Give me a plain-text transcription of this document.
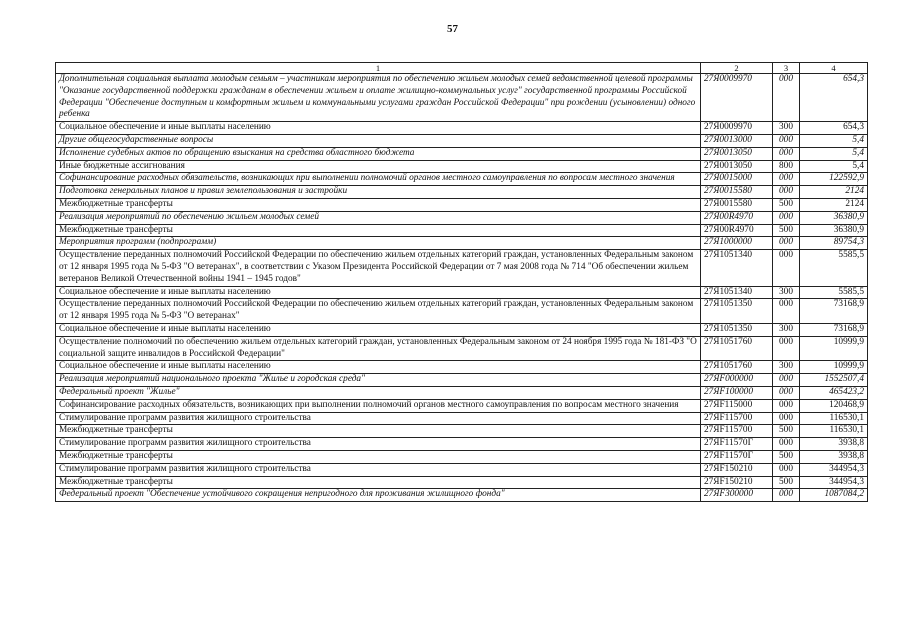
57
1	2	3	4
Дополнительная социальная выплата молодым семьям – участникам мероприятия по обеспечению жильем молодых семей ведомственной целевой программы "Оказание государственной поддержки гражданам в обеспечении жильем и оплате жилищно-коммунальных услуг" государственной программы Российской Федерации "Обеспечение доступным и комфортным жильем и коммунальными услугами граждан Российской Федерации" при рождении (усыновлении) одного ребенка	27Я0009970	000	654,3
Социальное обеспечение и иные выплаты населению	27Я0009970	300	654,3
Другие общегосударственные вопросы	27Я0013000	000	5,4
Исполнение судебных актов по обращению взыскания на средства областного бюджета	27Я0013050	000	5,4
Иные бюджетные ассигнования	27Я0013050	800	5,4
Софинансирование расходных обязательств, возникающих при выполнении полномочий органов местного самоуправления по вопросам местного значения	27Я0015000	000	122592,9
Подготовка генеральных планов и правил землепользования и застройки	27Я0015580	000	2124
Межбюджетные трансферты	27Я0015580	500	2124
Реализация мероприятий по обеспечению жильем молодых семей	27Я00R4970	000	36380,9
Межбюджетные трансферты	27Я00R4970	500	36380,9
Мероприятия программ (подпрограмм)	27Я1000000	000	89754,3
Осуществление переданных полномочий Российской Федерации по обеспечению жильем отдельных категорий граждан, установленных Федеральным законом от 12 января 1995 года № 5-ФЗ "О ветеранах", в соответствии с Указом Президента Российской Федерации от 7 мая 2008 года № 714 "Об обеспечении жильем ветеранов Великой Отечественной войны 1941 – 1945 годов"	27Я1051340	000	5585,5
Социальное обеспечение и иные выплаты населению	27Я1051340	300	5585,5
Осуществление переданных полномочий Российской Федерации по обеспечению жильем отдельных категорий граждан, установленных Федеральным законом от 12 января 1995 года № 5-ФЗ "О ветеранах"	27Я1051350	000	73168,9
Социальное обеспечение и иные выплаты населению	27Я1051350	300	73168,9
Осуществление полномочий по обеспечению жильем отдельных категорий граждан, установленных Федеральным законом от 24 ноября 1995 года № 181-ФЗ "О социальной защите инвалидов в Российской Федерации"	27Я1051760	000	10999,9
Социальное обеспечение и иные выплаты населению	27Я1051760	300	10999,9
Реализация мероприятий национального проекта "Жилье и городская среда"	27ЯF000000	000	1552507,4
Федеральный проект "Жилье"	27ЯF100000	000	465423,2
Софинансирование расходных обязательств, возникающих при выполнении полномочий органов местного самоуправления по вопросам местного значения	27ЯF115000	000	120468,9
Стимулирование программ развития жилищного строительства	27ЯF115700	000	116530,1
Межбюджетные трансферты	27ЯF115700	500	116530,1
Стимулирование программ развития жилищного строительства	27ЯF11570Г	000	3938,8
Межбюджетные трансферты	27ЯF11570Г	500	3938,8
Стимулирование программ развития жилищного строительства	27ЯF150210	000	344954,3
Межбюджетные трансферты	27ЯF150210	500	344954,3
Федеральный проект "Обеспечение устойчивого сокращения непригодного для проживания жилищного фонда"	27ЯF300000	000	1087084,2
